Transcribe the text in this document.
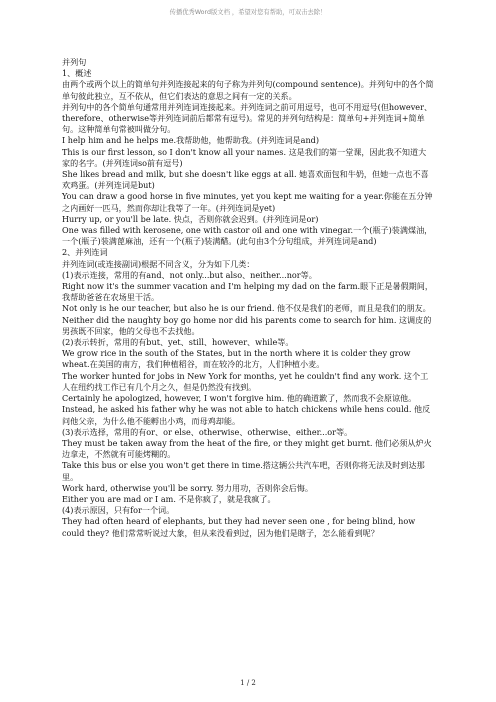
传播优秀Word版文档 ，希望对您有帮助，可双击去除！

并列句

1、概述

由两个或两个以上的简单句并列连接起来的句子称为并列句(compound sentence)。并列句中的各个简单句彼此独立，互不依从，但它们表达的意思之间有一定的关系。

并列句中的各个简单句通常用并列连词连接起来。并列连词之前可用逗号，也可不用逗号(但however、therefore、otherwise等并列连词前后都常有逗号)。常见的并列句结构是：简单句+并列连词+简单句。这种简单句常被叫做分句。

I help him and he helps me.我帮助他，他帮助我。(并列连词是and)

This is our first lesson, so I don't know all your names. 这是我们的第一堂课，因此我不知道大家的名字。(并列连词so前有逗号)

She likes bread and milk, but she doesn't like eggs at all. 她喜欢面包和牛奶，但她一点也不喜欢鸡蛋。(并列连词是but)

You can draw a good horse in five minutes, yet you kept me waiting for a year.你能在五分钟之内画好一匹马，然而你却让我等了一年。(并列连词是yet)

Hurry up, or you'll be late. 快点，否则你就会迟到。(并列连词是or)

One was filled with kerosene, one with castor oil and one with vinegar.一个(瓶子)装满煤油，一个(瓶子)装满蓖麻油，还有一个(瓶子)装满醋。(此句由3个分句组成，并列连词是and)

2、并列连词

并列连词(或连接副词)根据不同含义，分为如下几类：

(1)表示连接，常用的有and、not only...but also、neither...nor等。

Right now it's the summer vacation and I'm helping my dad on the farm.眼下正是暑假期间，我帮助爸爸在农场里干活。

Not only is he our teacher, but also he is our friend. 他不仅是我们的老师，而且是我们的朋友。Neither did the naughty boy go home nor did his parents come to search for him. 这调皮的男孩既不回家，他的父母也不去找他。

(2)表示转折，常用的有but、yet、still、however、while等。

We grow rice in the south of the States, but in the north where it is colder they grow wheat.在美国的南方，我们种植稻谷，而在较冷的北方，人们种植小麦。

The worker hunted for jobs in New York for months, yet he couldn't find any work. 这个工人在纽约找工作已有几个月之久，但是仍然没有找到。

Certainly he apologized, however, I won't forgive him. 他的确道歉了，然而我不会原谅他。

Instead, he asked his father why he was not able to hatch chickens while hens could. 他反问他父亲，为什么他不能孵出小鸡，而母鸡却能。

(3)表示选择，常用的有or、or else、otherwise、otherwise、either...or等。

They must be taken away from the heat of the fire, or they might get burnt. 他们必须从炉火边拿走，不然就有可能烤糊的。

Take this bus or else you won't get there in time.搭这辆公共汽车吧，否则你将无法及时到达那里。

Work hard, otherwise you'll be sorry. 努力用功，否则你会后悔。

Either you are mad or I am. 不是你疯了，就是我疯了。

(4)表示原因，只有for一个词。

They had often heard of elephants, but they had never seen one , for being blind, how could they? 他们常常听说过大象，但从来没看到过，因为他们是瞎子，怎么能看到呢？

1 / 2
